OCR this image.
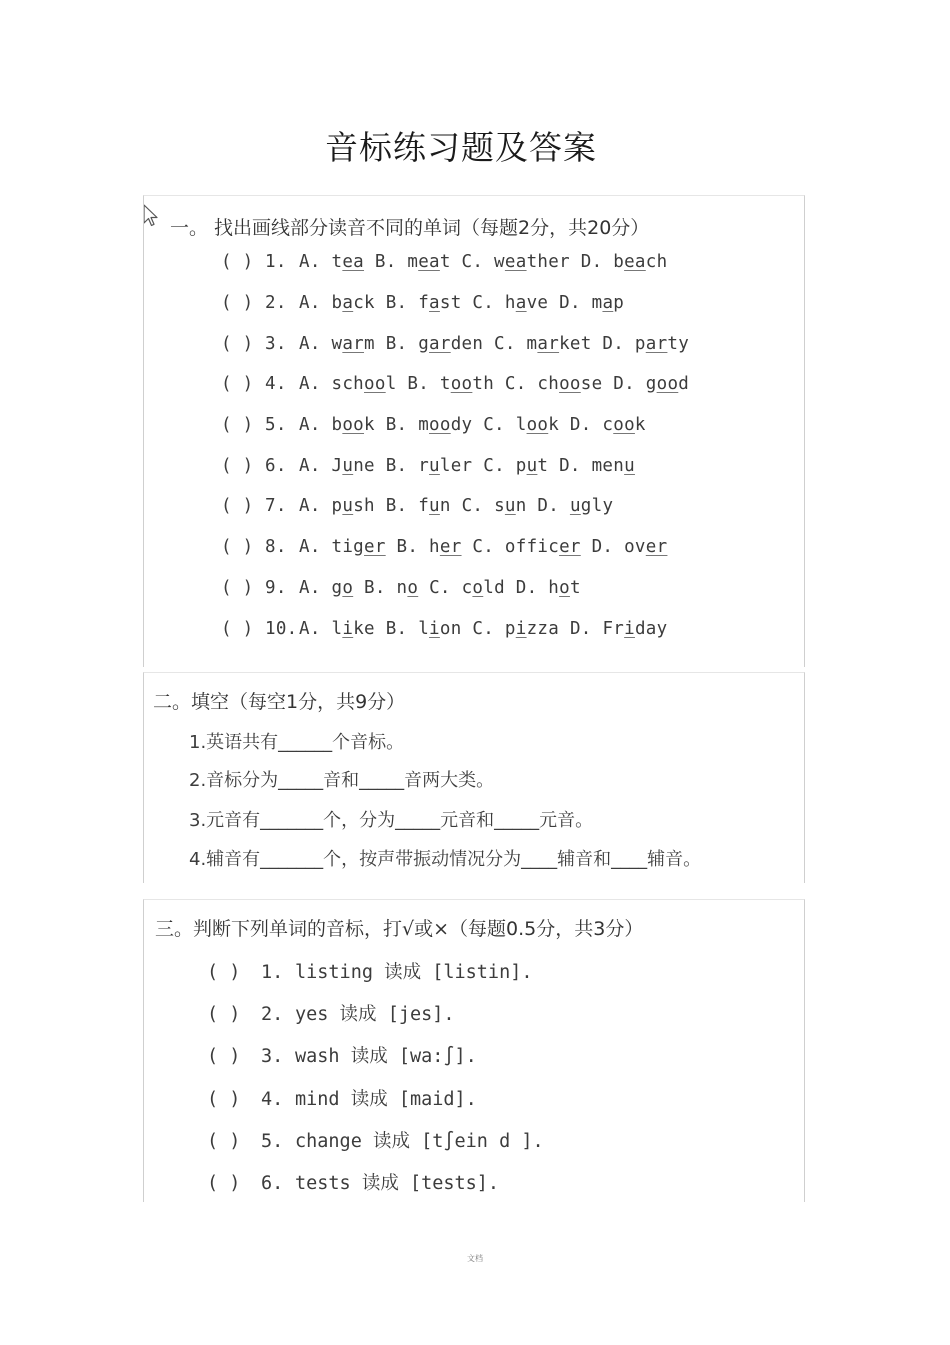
音标练习题及答案
一。 找出画线部分读音不同的单词（每题2分，共20分）
( ) 1. A. tea B. meat C. weather D. beach
( ) 2. A. back B. fast C. have D. map
( ) 3. A. warm B. garden C. market D. party
( ) 4. A. school B. tooth C. choose D. good
( ) 5. A. book B. moody C. look D. cook
( ) 6. A. June B. ruler C. put D. menu
( ) 7. A. push B. fun C. sun D. ugly
( ) 8. A. tiger B. her C. officer D. over
( ) 9. A. go B. no C. cold D. hot
( ) 10.A. like B. lion C. pizza D. Friday
二。填空（每空1分，共9分）
1.英语共有______个音标。
2.音标分为_____音和_____音两大类。
3.元音有_______个，分为_____元音和_____元音。
4.辅音有_______个，按声带振动情况分为____辅音和____辅音。
三。判断下列单词的音标，打√或×（每题0.5分，共3分）
( ) 1. listing 读成 [listin].
( ) 2. yes 读成 [jes].
( ) 3. wash 读成 [wa:∫].
( ) 4. mind 读成 [maid].
( ) 5. change 读成 [t∫ein d ].
( ) 6. tests 读成 [tests].
文档
